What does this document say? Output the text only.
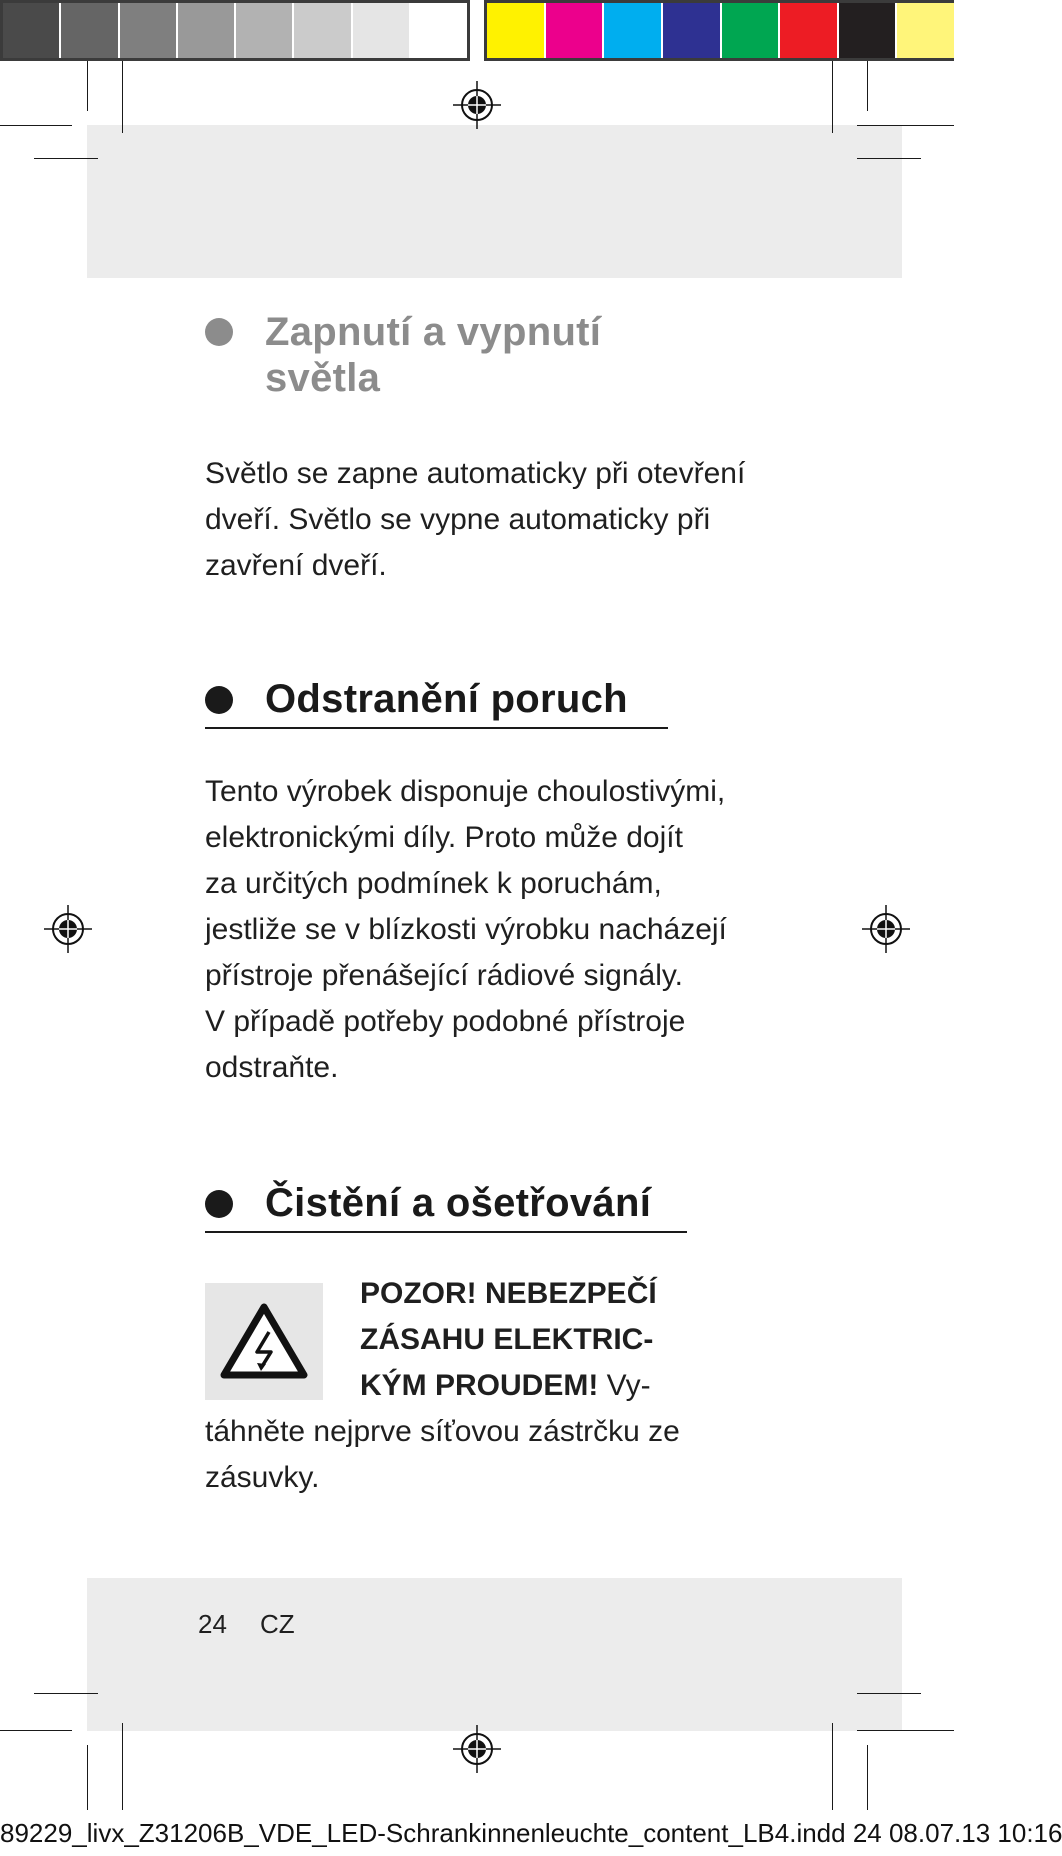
Zapnutí a vypnutí
světla
Světlo se zapne automaticky při otevření
dveří. Světlo se vypne automaticky při
zavření dveří.
Odstranění poruch
Tento výrobek disponuje choulostivými,
elektronickými díly. Proto může dojít
za určitých podmínek k poruchám,
jestliže se v blízkosti výrobku nacházejí
přístroje přenášející rádiové signály.
V případě potřeby podobné přístroje
odstraňte.
Čistění a ošetřování
POZOR! NEBEZPEČÍ
ZÁSAHU ELEKTRIC-
KÝM PROUDEM! Vy-
táhněte nejprve síťovou zástrčku ze
zásuvky.
24 CZ
89229_livx_Z31206B_VDE_LED-Schrankinnenleuchte_content_LB4.indd 24 08.07.13 10:16
